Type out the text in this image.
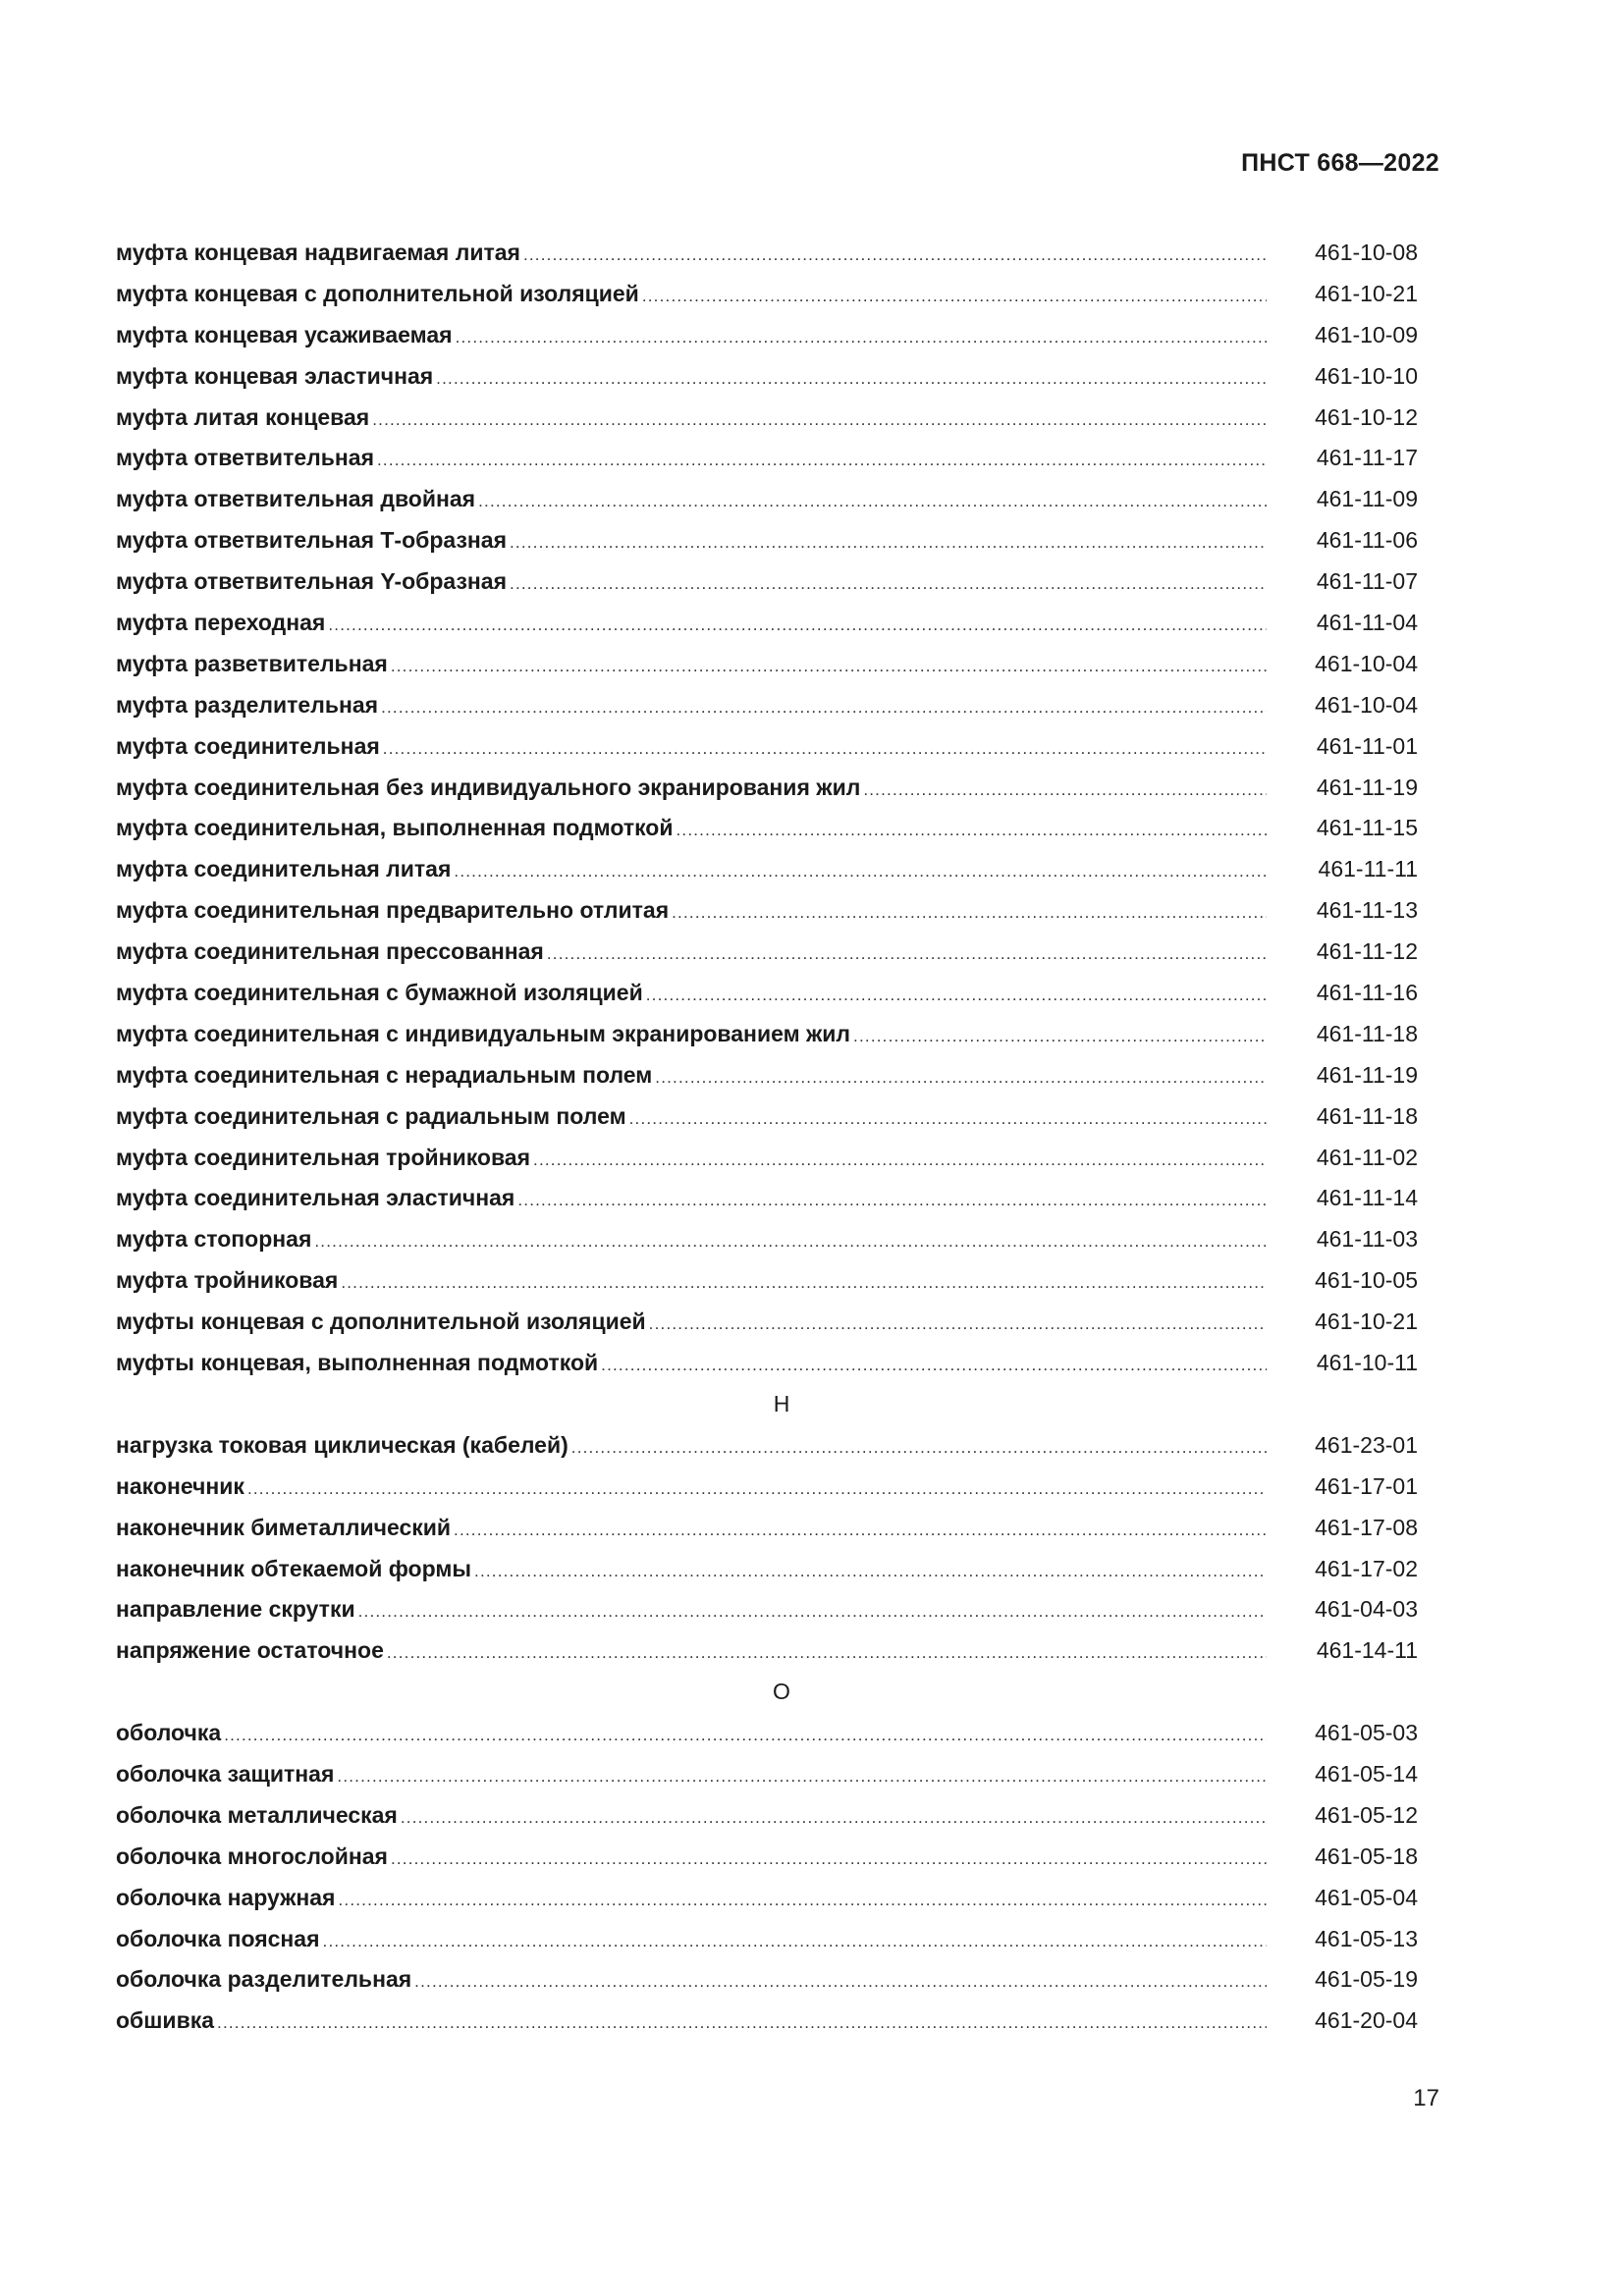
ПНСТ 668—2022
муфта концевая надвигаемая литая .....	461-10-08
муфта концевая с дополнительной изоляцией .....	461-10-21
муфта концевая усаживаемая .....	461-10-09
муфта концевая эластичная .....	461-10-10
муфта литая концевая .....	461-10-12
муфта ответвительная .....	461-11-17
муфта ответвительная двойная .....	461-11-09
муфта ответвительная Т-образная .....	461-11-06
муфта ответвительная Y-образная .....	461-11-07
муфта переходная .....	461-11-04
муфта разветвительная .....	461-10-04
муфта разделительная .....	461-10-04
муфта соединительная .....	461-11-01
муфта соединительная без индивидуального экранирования жил .....	461-11-19
муфта соединительная, выполненная подмоткой .....	461-11-15
муфта соединительная литая .....	461-11-11
муфта соединительная предварительно отлитая .....	461-11-13
муфта соединительная прессованная .....	461-11-12
муфта соединительная с бумажной изоляцией .....	461-11-16
муфта соединительная с индивидуальным экранированием жил .....	461-11-18
муфта соединительная с нерадиальным полем .....	461-11-19
муфта соединительная с радиальным полем .....	461-11-18
муфта соединительная тройниковая .....	461-11-02
муфта соединительная эластичная .....	461-11-14
муфта стопорная .....	461-11-03
муфта тройниковая .....	461-10-05
муфты концевая с дополнительной изоляцией .....	461-10-21
муфты концевая, выполненная подмоткой .....	461-10-11
Н
нагрузка токовая циклическая (кабелей) .....	461-23-01
наконечник .....	461-17-01
наконечник биметаллический .....	461-17-08
наконечник обтекаемой формы .....	461-17-02
направление скрутки .....	461-04-03
напряжение остаточное .....	461-14-11
О
оболочка .....	461-05-03
оболочка защитная .....	461-05-14
оболочка металлическая .....	461-05-12
оболочка многослойная .....	461-05-18
оболочка наружная .....	461-05-04
оболочка поясная .....	461-05-13
оболочка разделительная .....	461-05-19
обшивка .....	461-20-04
17
